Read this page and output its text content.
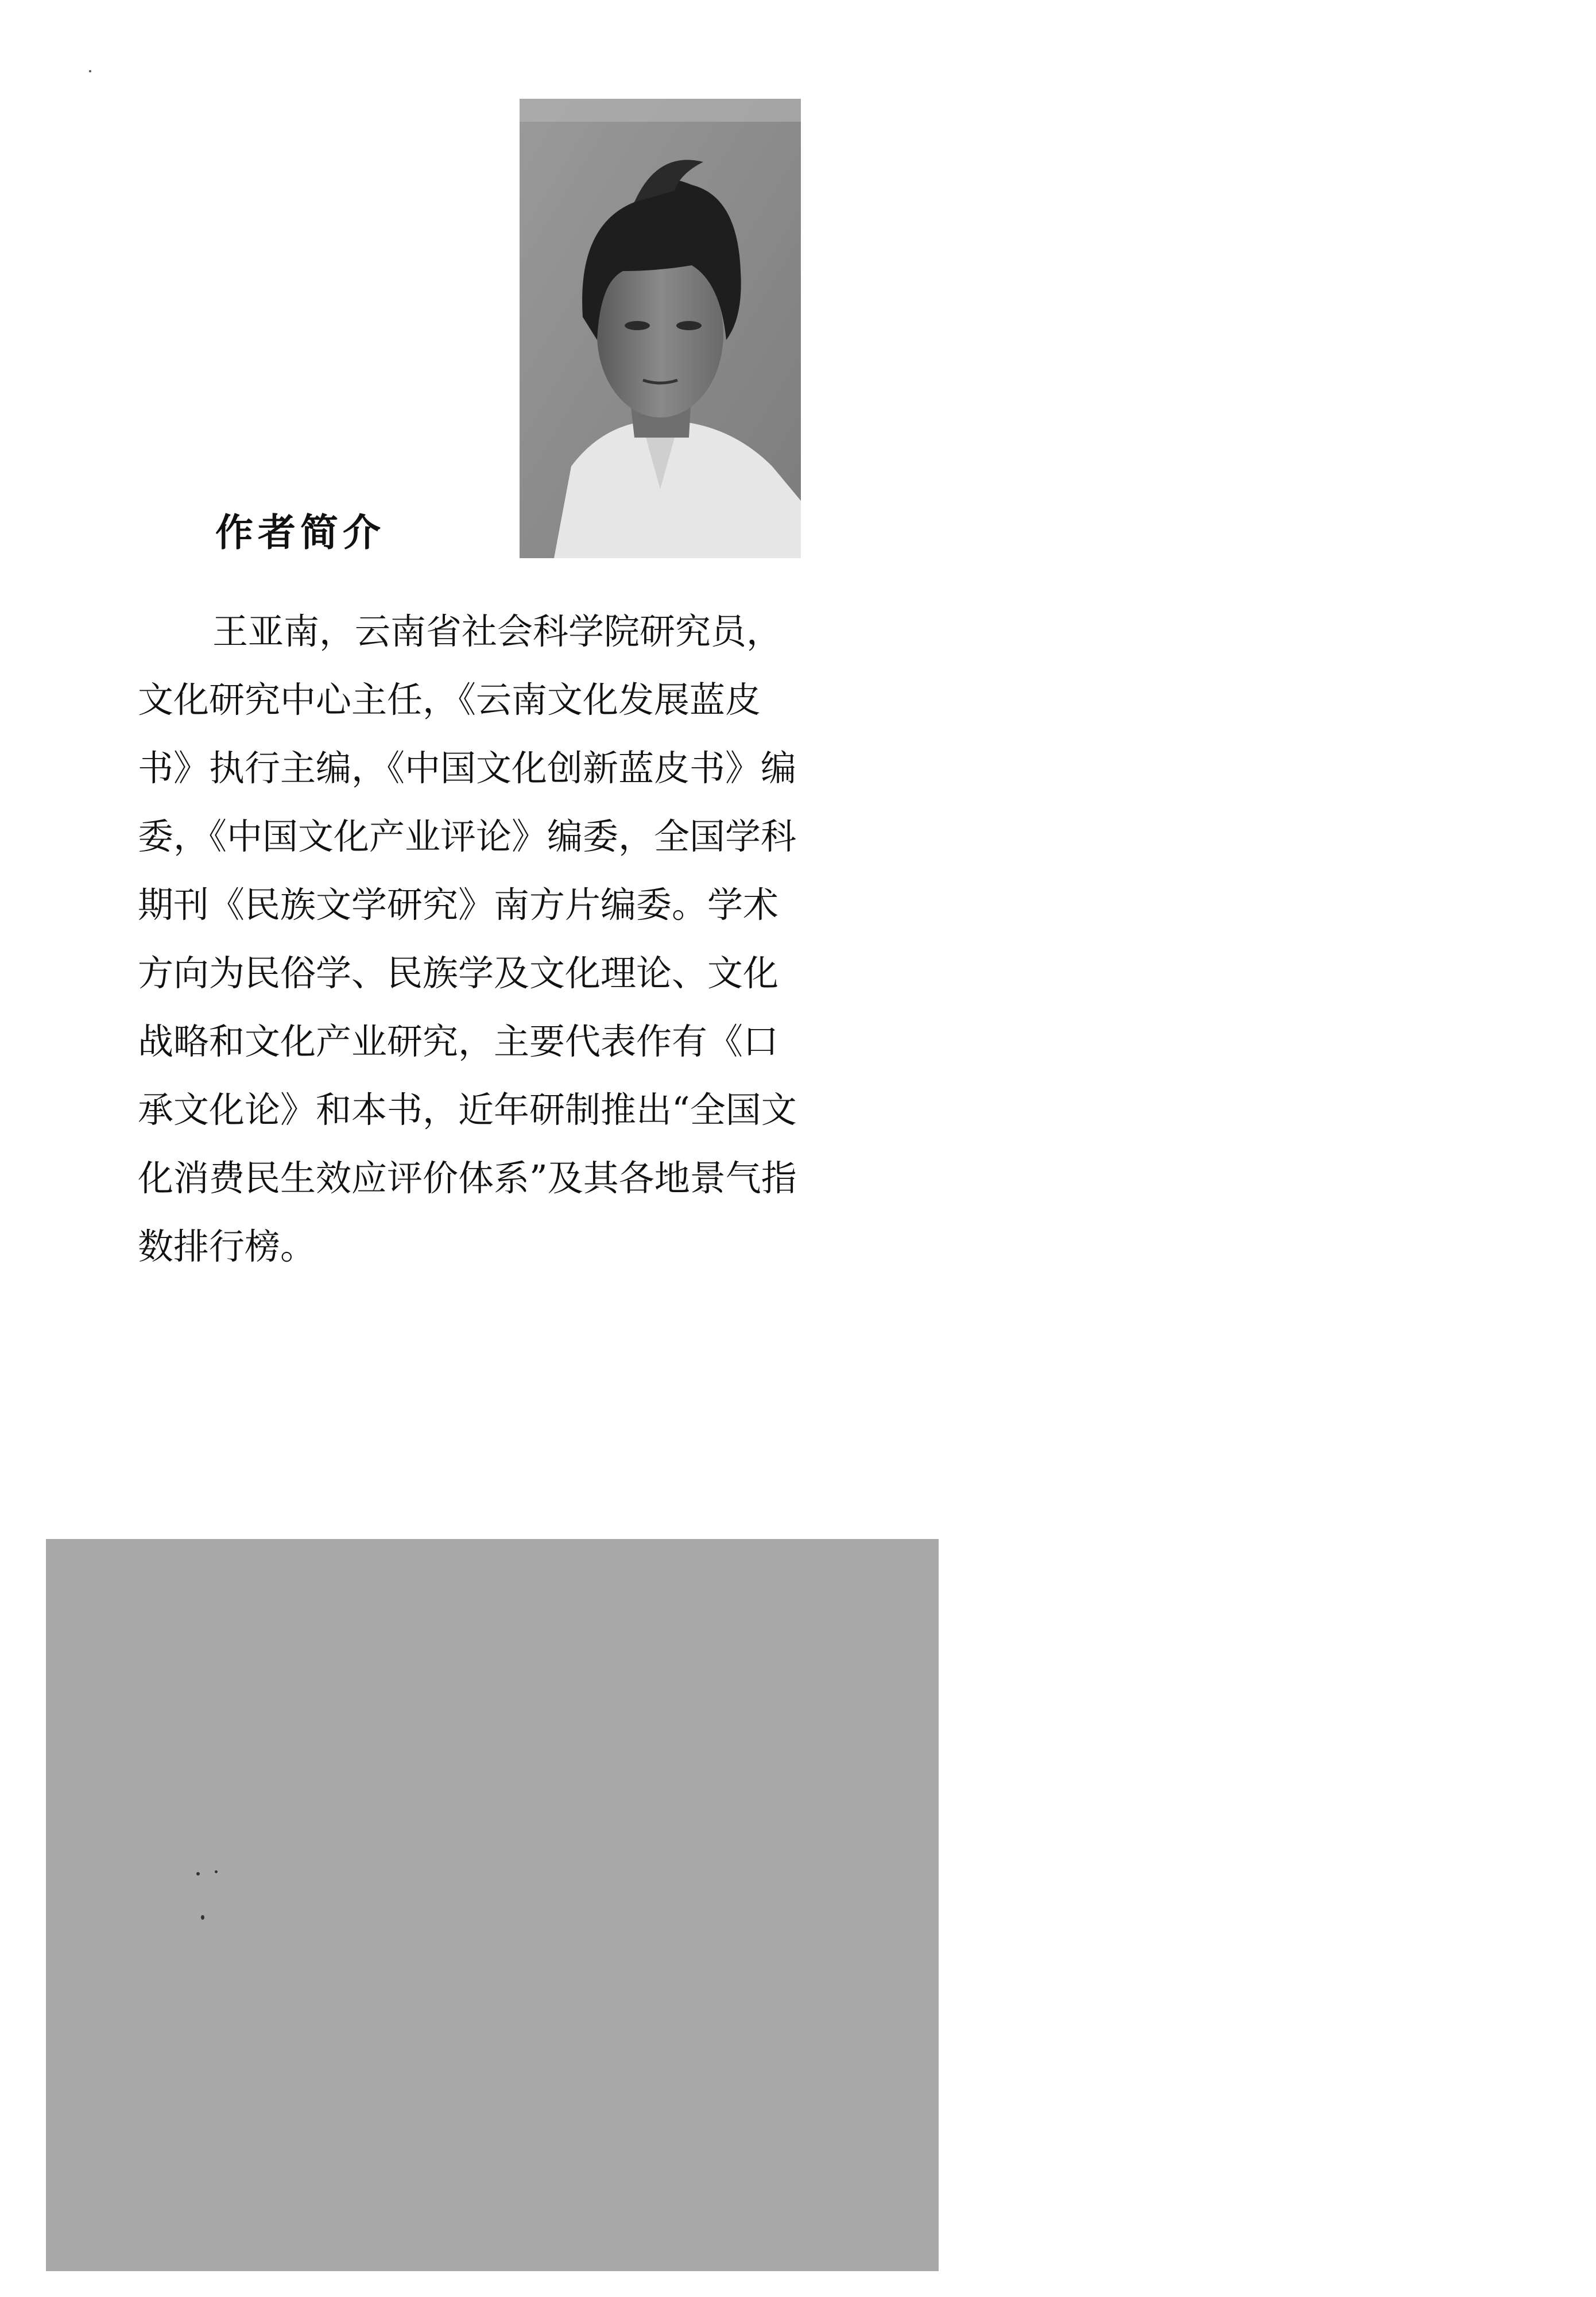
作者简介

王亚南，云南省社会科学院研究员，文化研究中心主任，《云南文化发展蓝皮书》执行主编，《中国文化创新蓝皮书》编委，《中国文化产业评论》编委，全国学科期刊《民族文学研究》南方片编委。学术方向为民俗学、民族学及文化理论、文化战略和文化产业研究，主要代表作有《口承文化论》和本书，近年研制推出“全国文化消费民生效应评价体系”及其各地景气指数排行榜。
